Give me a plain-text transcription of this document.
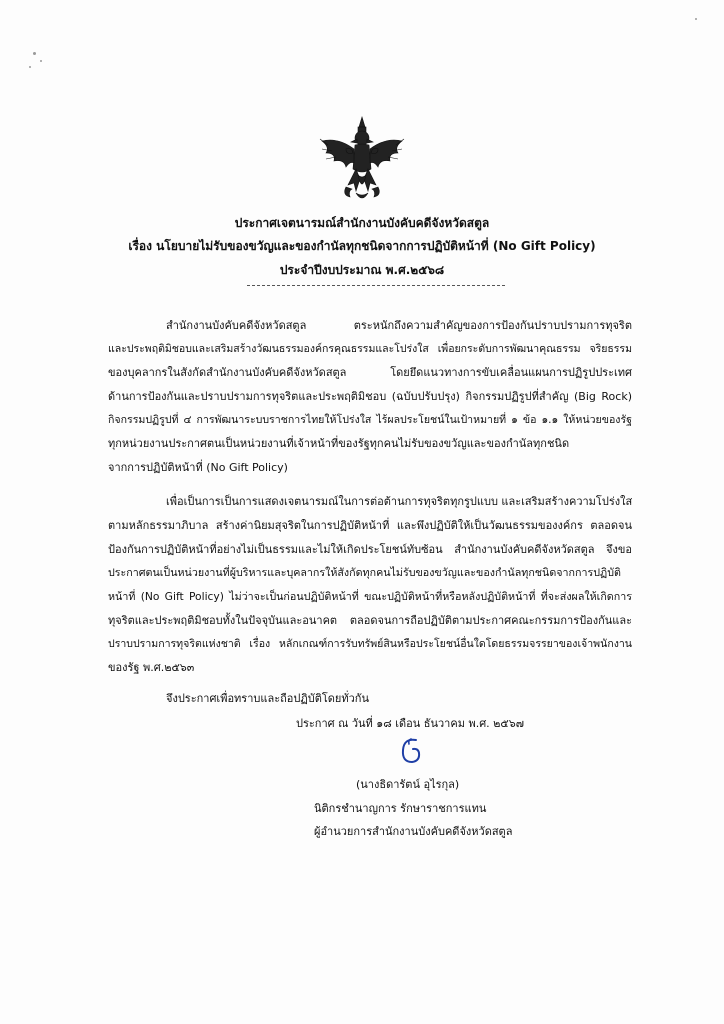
ประกาศเจตนารมณ์สำนักงานบังคับคดีจังหวัดสตูล
เรื่อง นโยบายไม่รับของขวัญและของกำนัลทุกชนิดจากการปฏิบัติหน้าที่ (No Gift Policy)
ประจำปีงบประมาณ พ.ศ.๒๕๖๘
สำนักงานบังคับคดีจังหวัดสตูล ตระหนักถึงความสำคัญของการป้องกันปราบปรามการทุจริต
และประพฤติมิชอบและเสริมสร้างวัฒนธรรมองค์กรคุณธรรมและโปร่งใส เพื่อยกระดับการพัฒนาคุณธรรม จริยธรรม
ของบุคลากรในสังกัดสำนักงานบังคับคดีจังหวัดสตูล โดยยึดแนวทางการขับเคลื่อนแผนการปฏิรูปประเทศ
ด้านการป้องกันและปราบปรามการทุจริตและประพฤติมิชอบ (ฉบับปรับปรุง) กิจกรรมปฏิรูปที่สำคัญ (Big Rock)
กิจกรรมปฏิรูปที่ ๔ การพัฒนาระบบราชการไทยให้โปร่งใส ไร้ผลประโยชน์ในเป้าหมายที่ ๑ ข้อ ๑.๑ ให้หน่วยของรัฐ
ทุกหน่วยงานประกาศตนเป็นหน่วยงานที่เจ้าหน้าที่ของรัฐทุกคนไม่รับของขวัญและของกำนัลทุกชนิด
จากการปฏิบัติหน้าที่ (No Gift Policy)
เพื่อเป็นการเป็นการแสดงเจตนารมณ์ในการต่อต้านการทุจริตทุกรูปแบบ และเสริมสร้างความโปร่งใส
ตามหลักธรรมาภิบาล สร้างค่านิยมสุจริตในการปฏิบัติหน้าที่ และพึงปฏิบัติให้เป็นวัฒนธรรมของงค์กร ตลอดจน
ป้องกันการปฏิบัติหน้าที่อย่างไม่เป็นธรรมและไม่ให้เกิดประโยชน์ทับซ้อน สำนักงานบังคับคดีจังหวัดสตูล จึงขอ
ประกาศตนเป็นหน่วยงานที่ผู้บริหารและบุคลากรให้สังกัดทุกคนไม่รับของขวัญและของกำนัลทุกชนิดจากการปฏิบัติ
หน้าที่ (No Gift Policy) ไม่ว่าจะเป็นก่อนปฏิบัติหน้าที่ ขณะปฏิบัติหน้าที่หรือหลังปฏิบัติหน้าที่ ที่จะส่งผลให้เกิดการ
ทุจริตและประพฤติมิชอบทั้งในปัจจุบันและอนาคต ตลอดจนการถือปฏิบัติตามประกาศคณะกรรมการป้องกันและ
ปราบปรามการทุจริตแห่งชาติ เรื่อง หลักเกณฑ์การรับทรัพย์สินหรือประโยชน์อื่นใดโดยธรรมจรรยาของเจ้าพนักงาน
ของรัฐ พ.ศ.๒๕๖๓
จึงประกาศเพื่อทราบและถือปฏิบัติโดยทั่วกัน
ประกาศ ณ วันที่ ๑๘ เดือน ธันวาคม พ.ศ. ๒๕๖๗
(นางธิดารัตน์ อุไรกุล)
นิติกรชำนาญการ รักษาราชการแทน
ผู้อำนวยการสำนักงานบังคับคดีจังหวัดสตูล
